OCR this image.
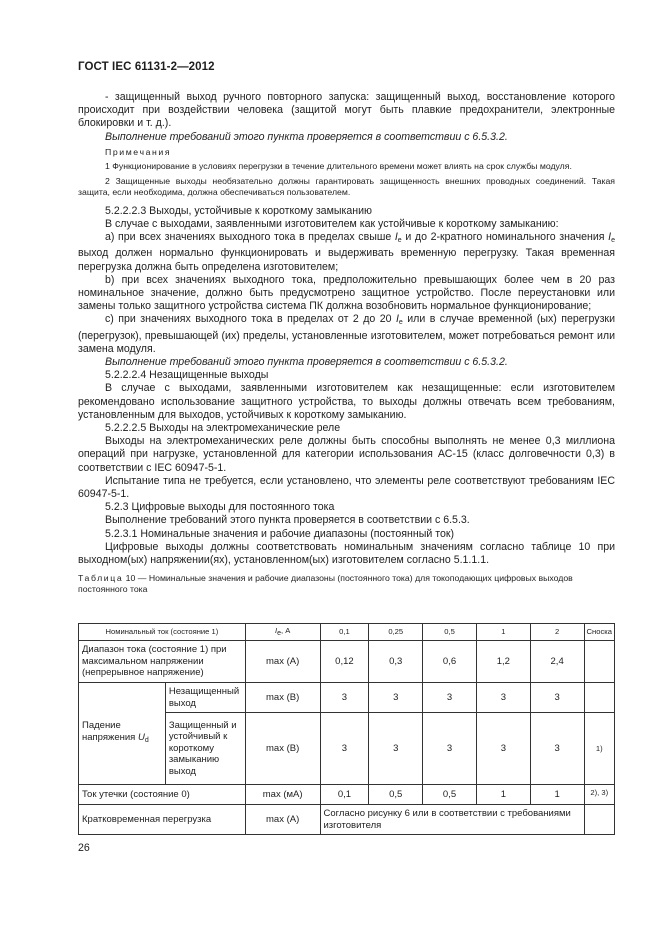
ГОСТ IEC 61131-2—2012

- защищенный выход ручного повторного запуска: защищенный выход, восстановление которого происходит при воздействии человека (защитой могут быть плавкие предохранители, электронные блокировки и т. д.).

Выполнение требований этого пункта проверяется в соответствии с 6.5.3.2.

Примечания

1 Функционирование в условиях перегрузки в течение длительного времени может влиять на срок службы модуля.

2 Защищенные выходы необязательно должны гарантировать защищенность внешних проводных соединений. Такая защита, если необходима, должна обеспечиваться пользователем.

5.2.2.2.3 Выходы, устойчивые к короткому замыканию

В случае с выходами, заявленными изготовителем как устойчивые к короткому замыканию:

а) при всех значениях выходного тока в пределах свыше $I_e$ и до 2-кратного номинального значения $I_e$ выход должен нормально функционировать и выдерживать временную перегрузку. Такая временная перегрузка должна быть определена изготовителем;

b) при всех значениях выходного тока, предположительно превышающих более чем в 20 раз номинальное значение, должно быть предусмотрено защитное устройство. После переустановки или замены только защитного устройства система ПК должна возобновить нормальное функционирование;

с) при значениях выходного тока в пределах от 2 до 20 $I_e$ или в случае временной (ых) перегрузки (перегрузок), превышающей (их) пределы, установленные изготовителем, может потребоваться ремонт или замена модуля.

Выполнение требований этого пункта проверяется в соответствии с 6.5.3.2.

5.2.2.2.4 Незащищенные выходы

В случае с выходами, заявленными изготовителем как незащищенные: если изготовителем рекомендовано использование защитного устройства, то выходы должны отвечать всем требованиям, установленным для выходов, устойчивых к короткому замыканию.

5.2.2.2.5 Выходы на электромеханические реле

Выходы на электромеханических реле должны быть способны выполнять не менее 0,3 миллиона операций при нагрузке, установленной для категории использования АС-15 (класс долговечности 0,3) в соответствии с IEC 60947-5-1.

Испытание типа не требуется, если установлено, что элементы реле соответствуют требованиям IEC 60947-5-1.

5.2.3 Цифровые выходы для постоянного тока

Выполнение требований этого пункта проверяется в соответствии с 6.5.3.

5.2.3.1 Номинальные значения и рабочие диапазоны (постоянный ток)

Цифровые выходы должны соответствовать номинальным значениям согласно таблице 10 при выходном(ых) напряжении(ях), установленном(ых) изготовителем согласно 5.1.1.1.

Таблица 10 — Номинальные значения и рабочие диапазоны (постоянного тока) для токоподающих цифровых выходов постоянного тока

Номинальный ток (состояние 1)		Ie, А	0,1	0,25	0,5	1	2	Сноска
Диапазон тока (состояние 1) при максимальном напряжении (непрерывное напряжение)		max (A)	0,12	0,3	0,6	1,2	2,4	
Падение напряжения $U_d$	Незащищенный выход	max (B)	3	3	3	3	3	
	Защищенный и устойчивый к короткому замыканию выход	max (B)	3	3	3	3	3	1)
Ток утечки (состояние 0)		max (мА)	0,1	0,5	0,5	1	1	2), 3)
Кратковременная перегрузка		max (A)	Согласно рисунку 6 или в соответствии с требованиями изготовителя					
26
